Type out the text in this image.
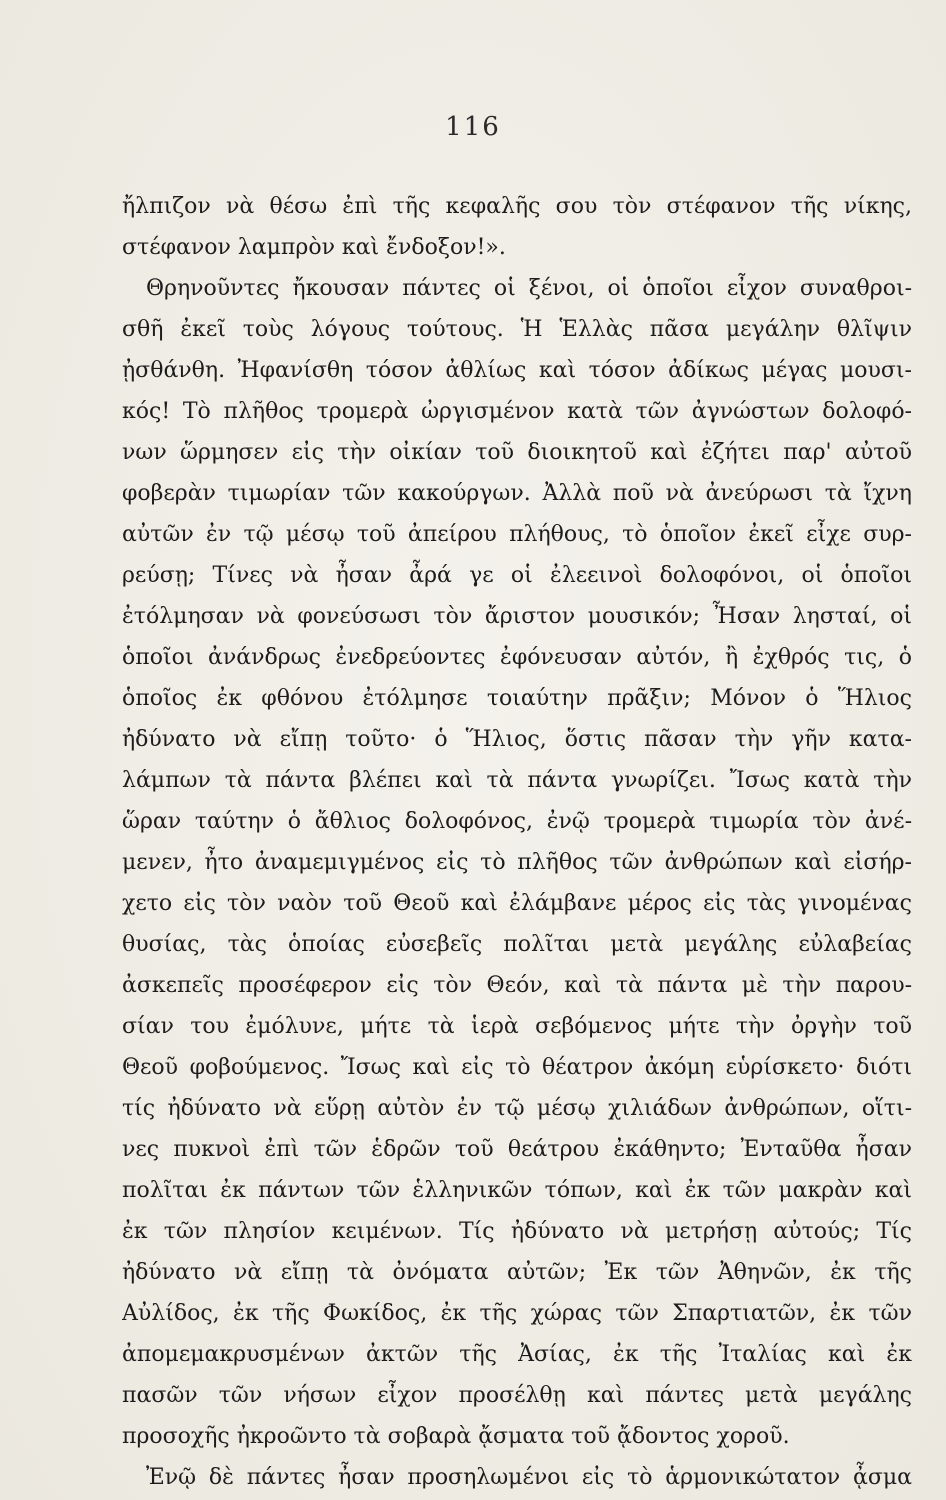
116
ἤλπιζον νὰ θέσω ἐπὶ τῆς κεφαλῆς σου τὸν στέφανον τῆς νίκης,
στέφανον λαμπρὸν καὶ ἔνδοξον!».
Θρηνοῦντες ἤκουσαν πάντες οἱ ξένοι, οἱ ὁποῖοι εἶχον συναθροι-
σθῆ ἐκεῖ τοὺς λόγους τούτους. Ἡ Ἑλλὰς πᾶσα μεγάλην θλῖψιν
ᾐσθάνθη. Ἠφανίσθη τόσον ἀθλίως καὶ τόσον ἀδίκως μέγας μουσι-
κός! Τὸ πλῆθος τρομερὰ ὠργισμένον κατὰ τῶν ἀγνώστων δολοφό-
νων ὥρμησεν εἰς τὴν οἰκίαν τοῦ διοικητοῦ καὶ ἐζήτει παρ' αὐτοῦ
φοβερὰν τιμωρίαν τῶν κακούργων. Ἀλλὰ ποῦ νὰ ἀνεύρωσι τὰ ἴχνη
αὐτῶν ἐν τῷ μέσῳ τοῦ ἀπείρου πλήθους, τὸ ὁποῖον ἐκεῖ εἶχε συρ-
ρεύσῃ; Τίνες νὰ ἦσαν ἆρά γε οἱ ἐλεεινοὶ δολοφόνοι, οἱ ὁποῖοι
ἐτόλμησαν νὰ φονεύσωσι τὸν ἄριστον μουσικόν; Ἦσαν λησταί, οἱ
ὁποῖοι ἀνάνδρως ἐνεδρεύοντες ἐφόνευσαν αὐτόν, ἢ ἐχθρός τις, ὁ
ὁποῖος ἐκ φθόνου ἐτόλμησε τοιαύτην πρᾶξιν; Μόνον ὁ Ἥλιος
ἠδύνατο νὰ εἴπῃ τοῦτο· ὁ Ἥλιος, ὅστις πᾶσαν τὴν γῆν κατα-
λάμπων τὰ πάντα βλέπει καὶ τὰ πάντα γνωρίζει. Ἴσως κατὰ τὴν
ὥραν ταύτην ὁ ἄθλιος δολοφόνος, ἐνῷ τρομερὰ τιμωρία τὸν ἀνέ-
μενεν, ἦτο ἀναμεμιγμένος εἰς τὸ πλῆθος τῶν ἀνθρώπων καὶ εἰσήρ-
χετο εἰς τὸν ναὸν τοῦ Θεοῦ καὶ ἐλάμβανε μέρος εἰς τὰς γινομένας
θυσίας, τὰς ὁποίας εὐσεβεῖς πολῖται μετὰ μεγάλης εὐλαβείας
ἀσκεπεῖς προσέφερον εἰς τὸν Θεόν, καὶ τὰ πάντα μὲ τὴν παρου-
σίαν του ἐμόλυνε, μήτε τὰ ἱερὰ σεβόμενος μήτε τὴν ὀργὴν τοῦ
Θεοῦ φοβούμενος. Ἴσως καὶ εἰς τὸ θέατρον ἀκόμη εὑρίσκετο· διότι
τίς ἠδύνατο νὰ εὕρῃ αὐτὸν ἐν τῷ μέσῳ χιλιάδων ἀνθρώπων, οἵτι-
νες πυκνοὶ ἐπὶ τῶν ἑδρῶν τοῦ θεάτρου ἐκάθηντο; Ἐνταῦθα ἦσαν
πολῖται ἐκ πάντων τῶν ἑλληνικῶν τόπων, καὶ ἐκ τῶν μακρὰν καὶ
ἐκ τῶν πλησίον κειμένων. Τίς ἠδύνατο νὰ μετρήσῃ αὐτούς; Τίς
ἠδύνατο νὰ εἴπῃ τὰ ὀνόματα αὐτῶν; Ἐκ τῶν Ἀθηνῶν, ἐκ τῆς
Αὐλίδος, ἐκ τῆς Φωκίδος, ἐκ τῆς χώρας τῶν Σπαρτιατῶν, ἐκ τῶν
ἀπομεμακρυσμένων ἀκτῶν τῆς Ἀσίας, ἐκ τῆς Ἰταλίας καὶ ἐκ
πασῶν τῶν νήσων εἶχον προσέλθῃ καὶ πάντες μετὰ μεγάλης
προσοχῆς ἠκροῶντο τὰ σοβαρὰ ᾄσματα τοῦ ᾄδοντος χοροῦ.
Ἐνῷ δὲ πάντες ἦσαν προσηλωμένοι εἰς τὸ ἁρμονικώτατον ᾆσμα
